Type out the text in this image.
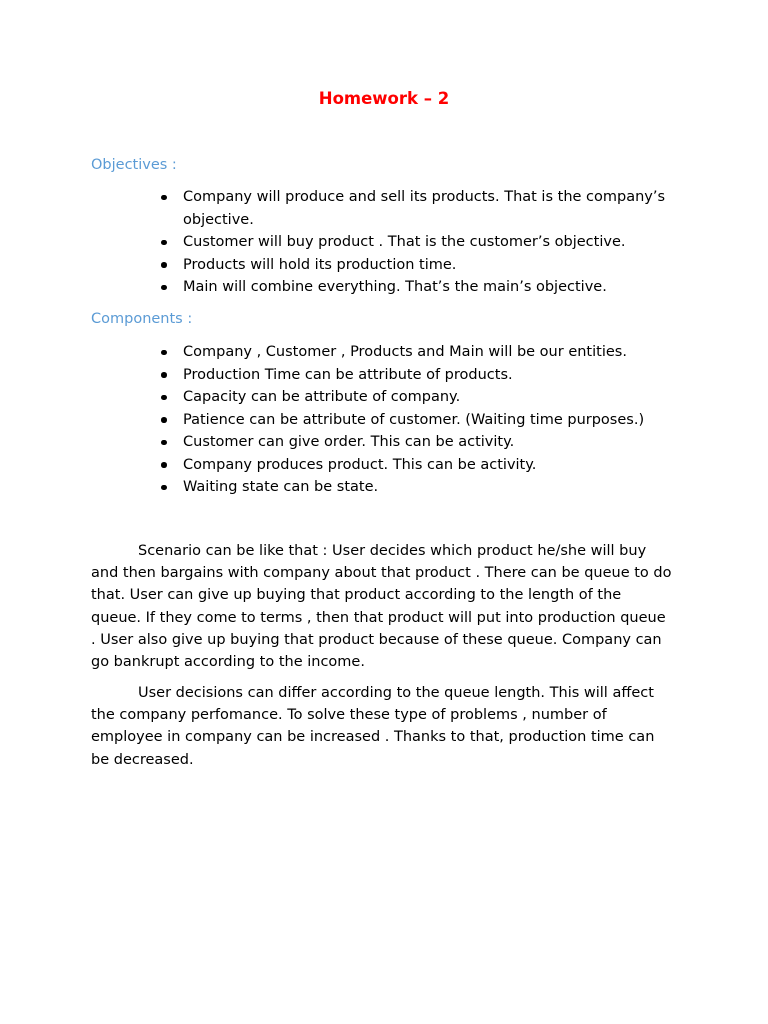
Homework – 2
Objectives :
Company will produce and sell its products. That is the company’s
objective.
Customer will buy product . That is the customer’s objective.
Products will hold its production time.
Main will combine everything. That’s the main’s objective.
Components :
Company , Customer , Products and Main will be our entities.
Production Time can be attribute of products.
Capacity can be attribute of company.
Patience can be attribute of customer. (Waiting time purposes.)
Customer can give order. This can be activity.
Company produces product. This can be activity.
Waiting state can be state.
Scenario can be like that : User decides which product he/she will buy
and then bargains with company about that product . There can be queue to do
that. User can give up buying that product according to the length of the
queue. If they come to terms , then that product will put into production queue
. User also give up buying that product because of these queue. Company can
go bankrupt according to the income.
User decisions can differ according to the queue length. This will affect
the company perfomance. To solve these type of problems , number of
employee in company can be increased . Thanks to that, production time can
be decreased.
